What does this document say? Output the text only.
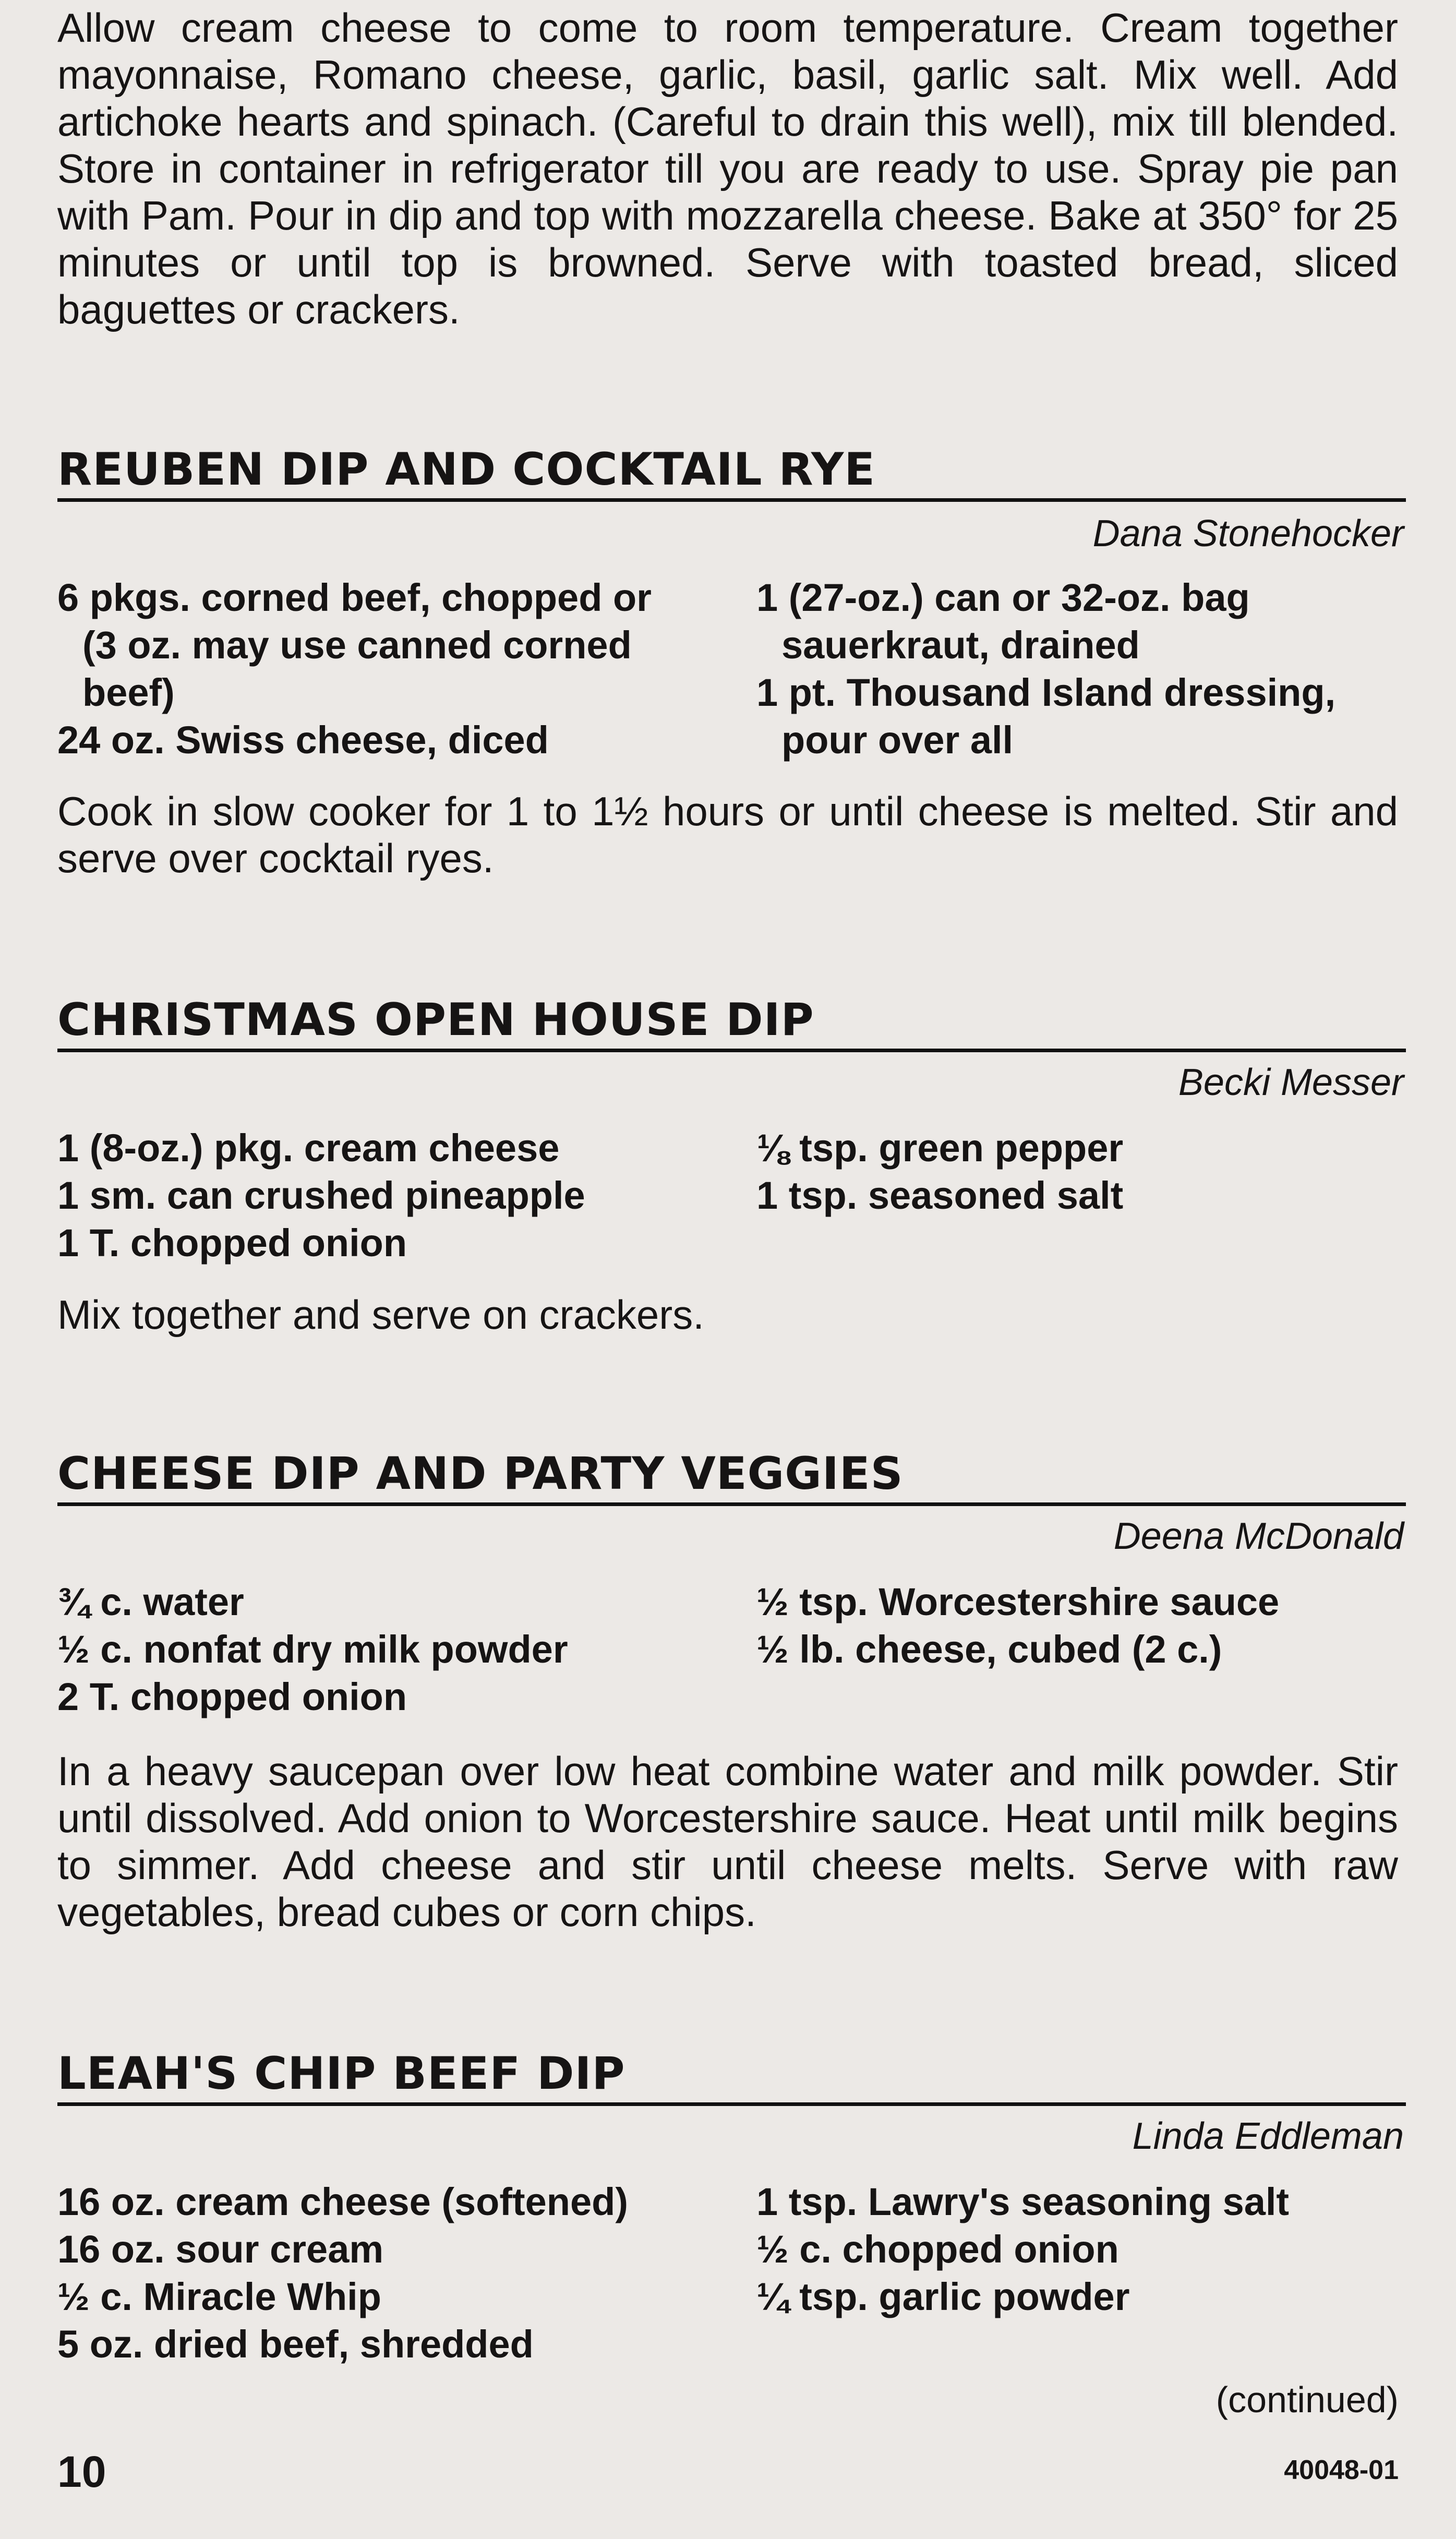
Allow cream cheese to come to room temperature. Cream together mayonnaise, Romano cheese, garlic, basil, garlic salt. Mix well. Add artichoke hearts and spinach. (Careful to drain this well), mix till blended. Store in container in refrigerator till you are ready to use. Spray pie pan with Pam. Pour in dip and top with mozzarella cheese. Bake at 350° for 25 minutes or until top is browned. Serve with toasted bread, sliced baguettes or crackers.

REUBEN DIP AND COCKTAIL RYE

Dana Stonehocker

6 pkgs. corned beef, chopped or
(3 oz. may use canned corned
beef)
24 oz. Swiss cheese, diced
1 (27-oz.) can or 32-oz. bag
sauerkraut, drained
1 pt. Thousand Island dressing,
pour over all

Cook in slow cooker for 1 to 1½ hours or until cheese is melted. Stir and serve over cocktail ryes.

CHRISTMAS OPEN HOUSE DIP

Becki Messer

1 (8-oz.) pkg. cream cheese
1 sm. can crushed pineapple
1 T. chopped onion
⅛ tsp. green pepper
1 tsp. seasoned salt

Mix together and serve on crackers.

CHEESE DIP AND PARTY VEGGIES

Deena McDonald

¾ c. water
½ c. nonfat dry milk powder
2 T. chopped onion
½ tsp. Worcestershire sauce
½ lb. cheese, cubed (2 c.)

In a heavy saucepan over low heat combine water and milk powder. Stir until dissolved. Add onion to Worcestershire sauce. Heat until milk begins to simmer. Add cheese and stir until cheese melts. Serve with raw vegetables, bread cubes or corn chips.

LEAH'S CHIP BEEF DIP

Linda Eddleman

16 oz. cream cheese (softened)
16 oz. sour cream
½ c. Miracle Whip
5 oz. dried beef, shredded
1 tsp. Lawry's seasoning salt
½ c. chopped onion
¼ tsp. garlic powder

(continued)

10	40048-01
